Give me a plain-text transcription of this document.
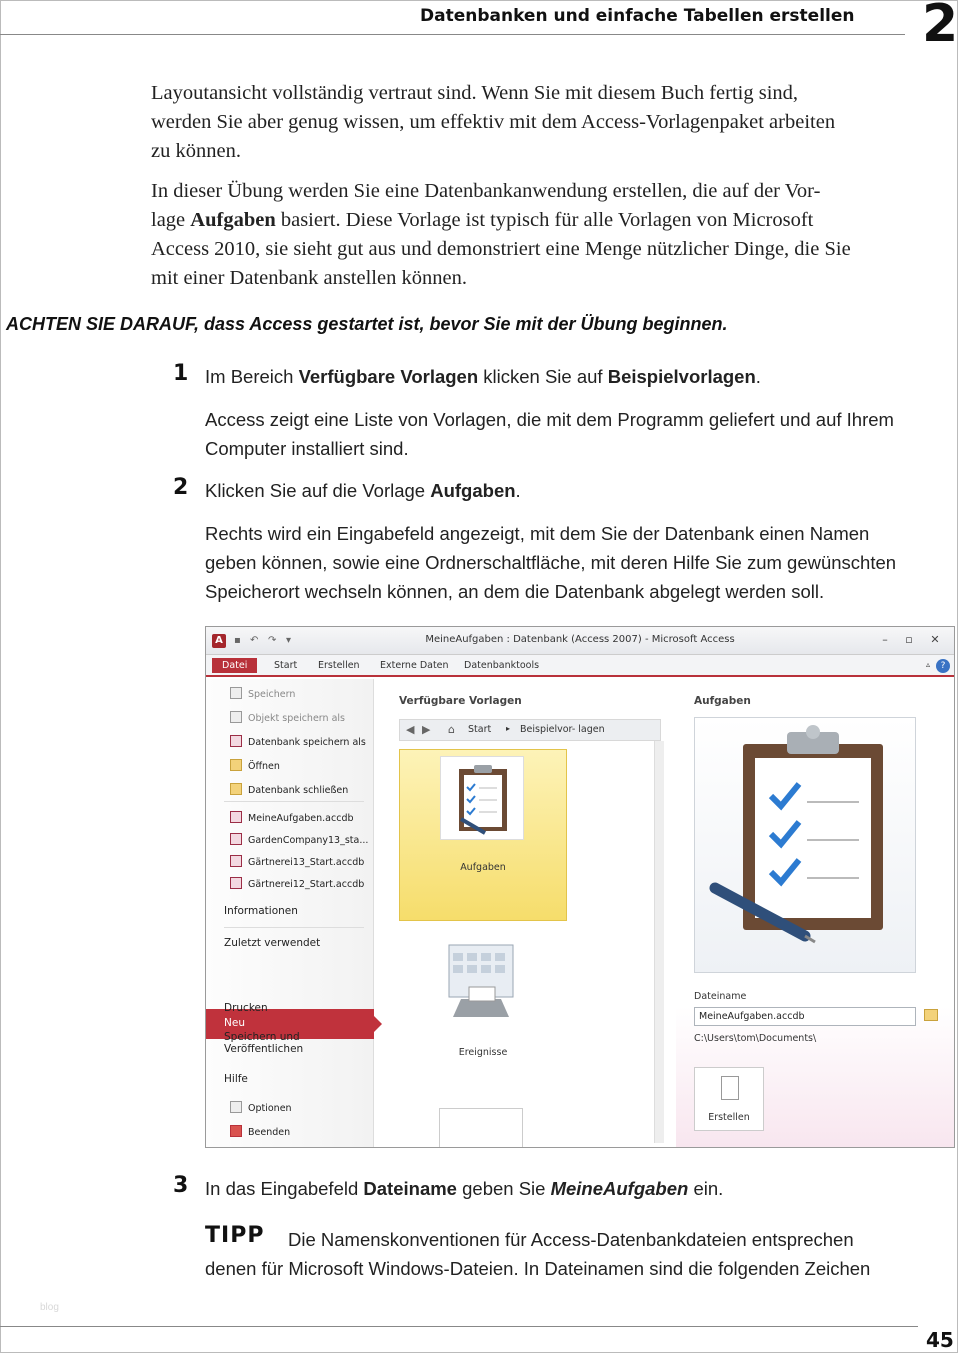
Datenbanken und einfache Tabellen erstellen 2
Layoutansicht vollständig vertraut sind. Wenn Sie mit diesem Buch fertig sind,
werden Sie aber genug wissen, um effektiv mit dem Access-Vorlagenpaket arbeiten
zu können.
In dieser Übung werden Sie eine Datenbankanwendung erstellen, die auf der Vor-
lage Aufgaben basiert. Diese Vorlage ist typisch für alle Vorlagen von Microsoft
Access 2010, sie sieht gut aus und demonstriert eine Menge nützlicher Dinge, die Sie
mit einer Datenbank anstellen können.
ACHTEN SIE DARAUF, dass Access gestartet ist, bevor Sie mit der Übung beginnen.
1 Im Bereich Verfügbare Vorlagen klicken Sie auf Beispielvorlagen.
Access zeigt eine Liste von Vorlagen, die mit dem Programm geliefert und auf Ihrem
Computer installiert sind.
2 Klicken Sie auf die Vorlage Aufgaben.
Rechts wird ein Eingabefeld angezeigt, mit dem Sie der Datenbank einen Namen
geben können, sowie eine Ordnerschaltfläche, mit deren Hilfe Sie zum gewünschten
Speicherort wechseln können, an dem die Datenbank abgelegt werden soll.
A	▪ ↶ ↷ ▾	MeineAufgaben : Datenbank (Access 2007) - Microsoft Access	–	▫	✕
Datei	Start Erstellen Externe Daten Datenbanktools	▵	?
Speichern
Objekt speichern als
Datenbank speichern als
Öffnen
Datenbank schließen
MeineAufgaben.accdb
GardenCompany13_sta...
Gärtnerei13_Start.accdb
Gärtnerei12_Start.accdb
Informationen
Zuletzt verwendet
Neu
Drucken
Speichern und
Veröffentlichen
Hilfe
Optionen
Beenden
Verfügbare Vorlagen
◀ ▶ ⌂ Start ▸ Beispielvor- lagen
Aufgaben
Ereignisse
Aufgaben
Dateiname
MeineAufgaben.accdb
C:\Users\tom\Documents\
Erstellen
3 In das Eingabefeld Dateiname geben Sie MeineAufgaben ein.
TIPP Die Namenskonventionen für Access-Datenbankdateien entsprechen
denen für Microsoft Windows-Dateien. In Dateinamen sind die folgenden Zeichen
blog
45
